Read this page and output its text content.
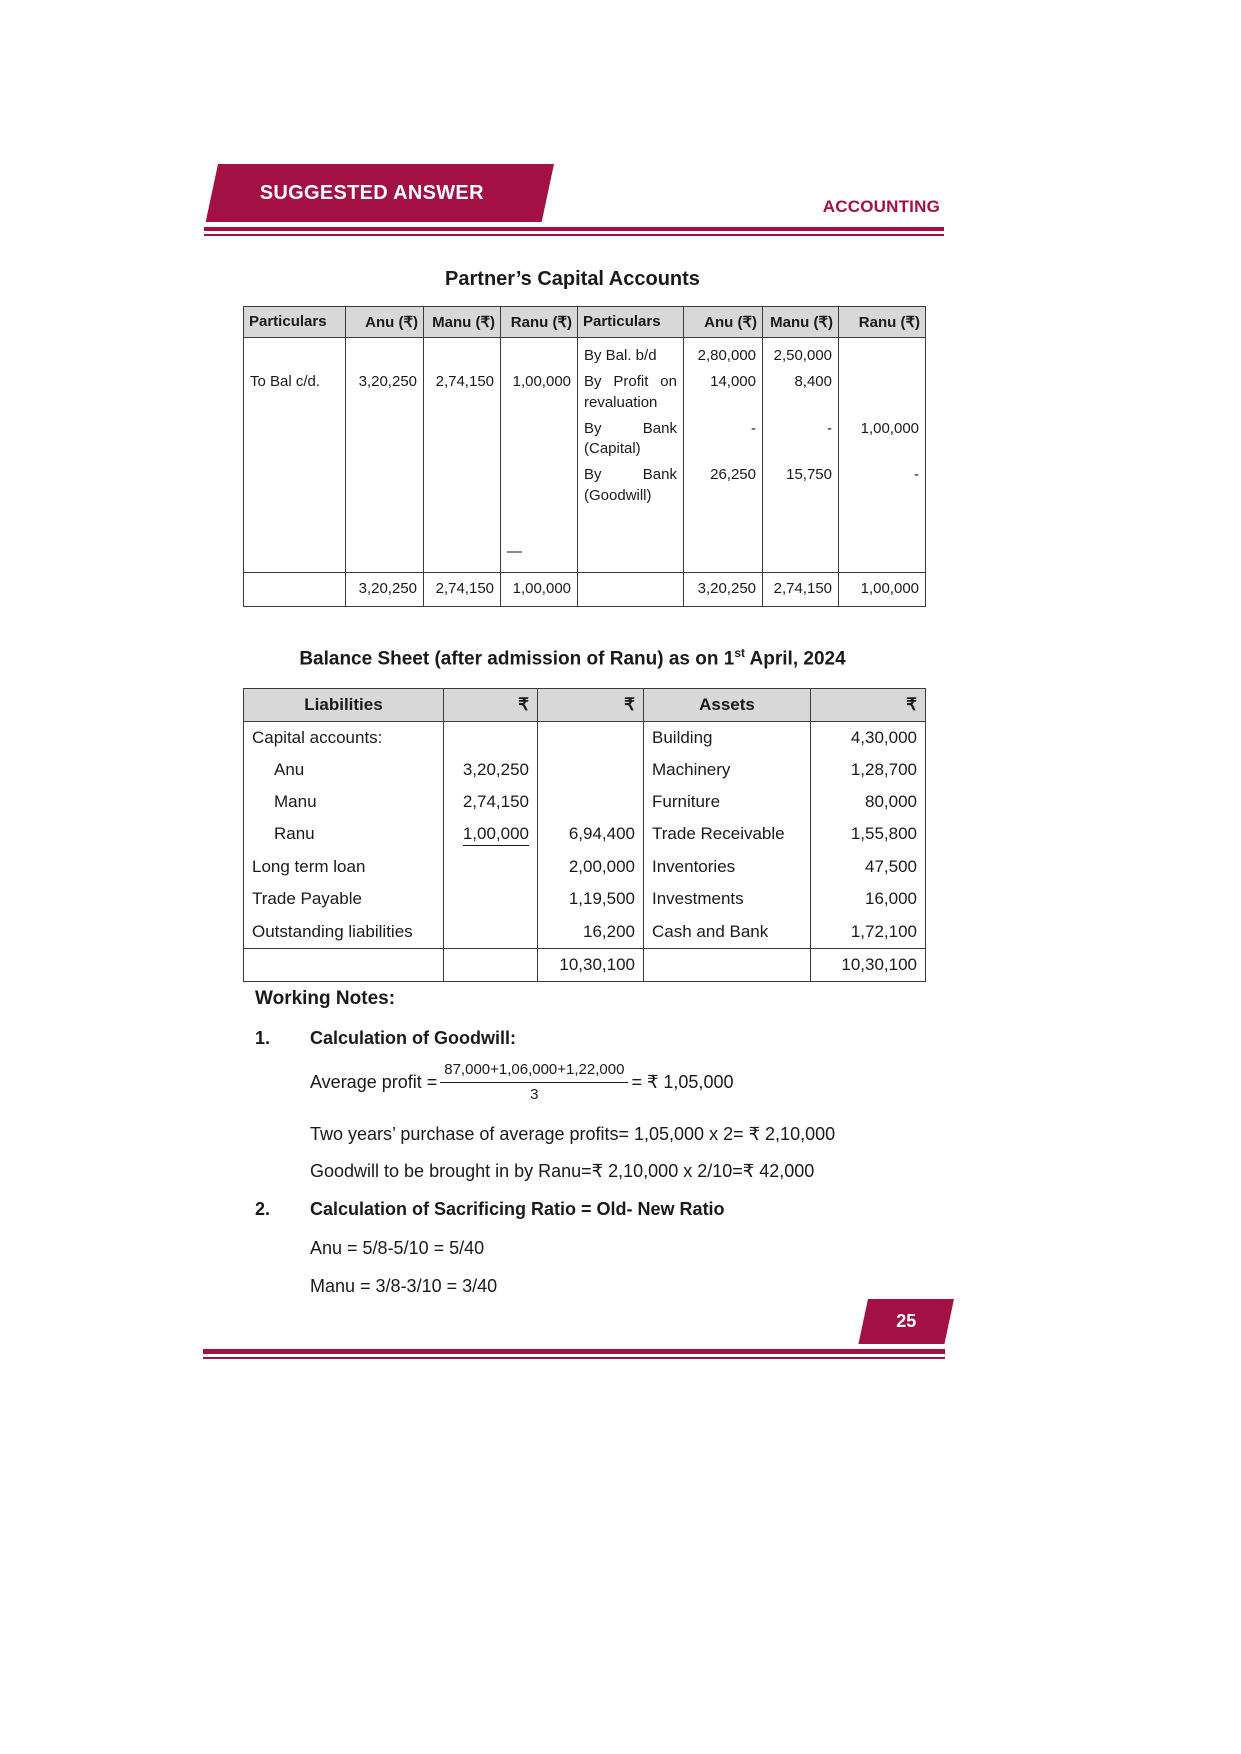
SUGGESTED ANSWER
ACCOUNTING
Partner’s Capital Accounts
Particulars	Anu (₹)	Manu (₹)	Ranu (₹)	Particulars	Anu (₹)	Manu (₹)	Ranu (₹)
				By Bal. b/d	2,80,000	2,50,000	
To Bal c/d.	3,20,250	2,74,150	1,00,000	By Profit on revaluation	14,000	8,400	
				By Bank (Capital)	-	-	1,00,000
				By Bank (Goodwill)	26,250	15,750	-
			—				
	3,20,250	2,74,150	1,00,000		3,20,250	2,74,150	1,00,000
Balance Sheet (after admission of Ranu) as on 1st April, 2024
Liabilities	₹	₹	Assets	₹
Capital accounts:			Building	4,30,000
Anu	3,20,250		Machinery	1,28,700
Manu	2,74,150		Furniture	80,000
Ranu	1,00,000	6,94,400	Trade Receivable	1,55,800
Long term loan		2,00,000	Inventories	47,500
Trade Payable		1,19,500	Investments	16,000
Outstanding liabilities		16,200	Cash and Bank	1,72,100
		10,30,100		10,30,100
Working Notes:
1.	Calculation of Goodwill:
Average profit = $\frac{87,000+1,06,000+1,22,000}{3}$ = ₹ 1,05,000
Two years’ purchase of average profits= 1,05,000 x 2= ₹ 2,10,000
Goodwill to be brought in by Ranu=₹ 2,10,000 x 2/10=₹ 42,000
2.	Calculation of Sacrificing Ratio = Old- New Ratio
Anu = 5/8-5/10 = 5/40
Manu = 3/8-3/10 = 3/40
25
